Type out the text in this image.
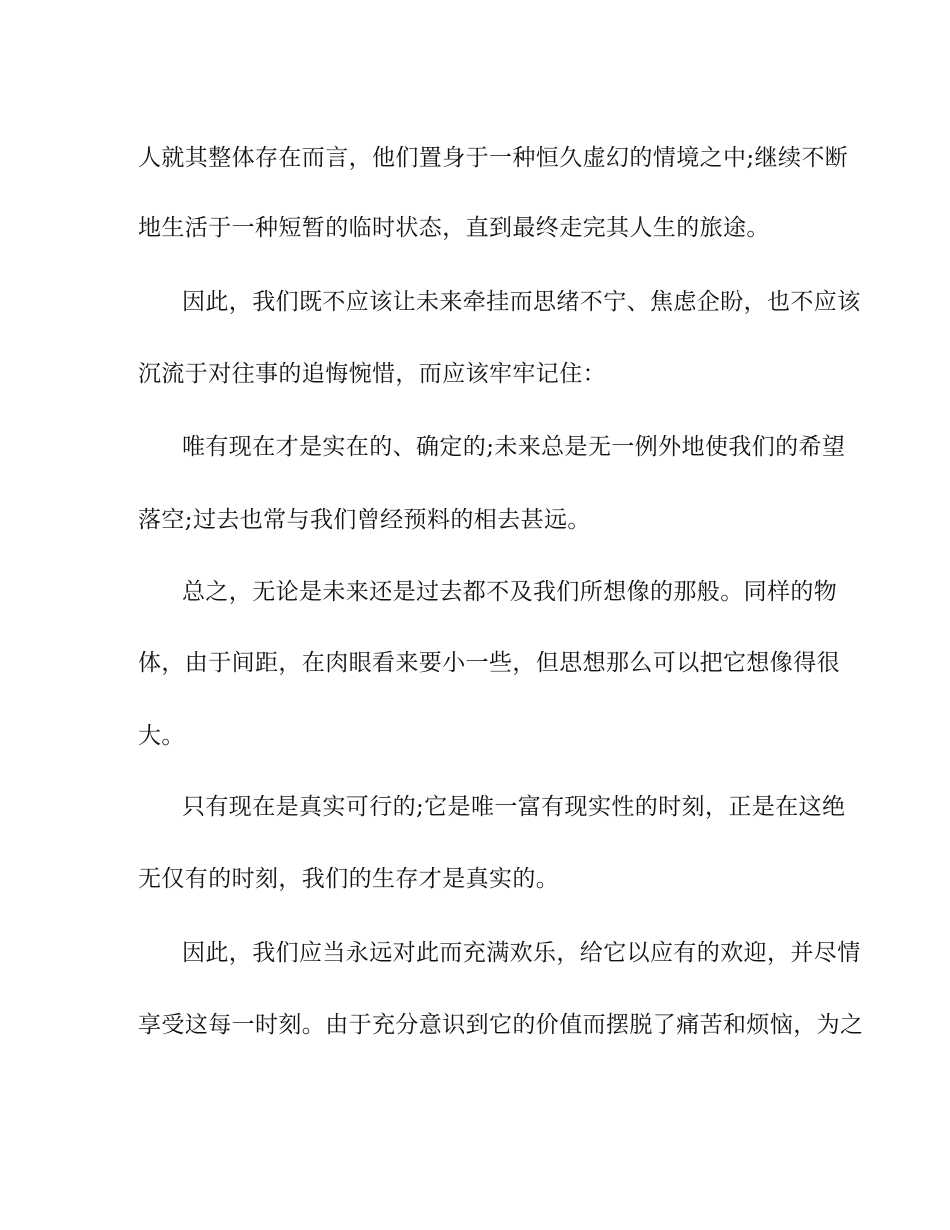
人就其整体存在而言，他们置身于一种恒久虚幻的情境之中;继续不断
地生活于一种短暂的临时状态，直到最终走完其人生的旅途。
因此，我们既不应该让未来牵挂而思绪不宁、焦虑企盼，也不应该
沉流于对往事的追悔惋惜，而应该牢牢记住：
唯有现在才是实在的、确定的;未来总是无一例外地使我们的希望
落空;过去也常与我们曾经预料的相去甚远。
总之，无论是未来还是过去都不及我们所想像的那般。同样的物
体，由于间距，在肉眼看来要小一些，但思想那么可以把它想像得很
大。
只有现在是真实可行的;它是唯一富有现实性的时刻，正是在这绝
无仅有的时刻，我们的生存才是真实的。
因此，我们应当永远对此而充满欢乐，给它以应有的欢迎，并尽情
享受这每一时刻。由于充分意识到它的价值而摆脱了痛苦和烦恼，为之
